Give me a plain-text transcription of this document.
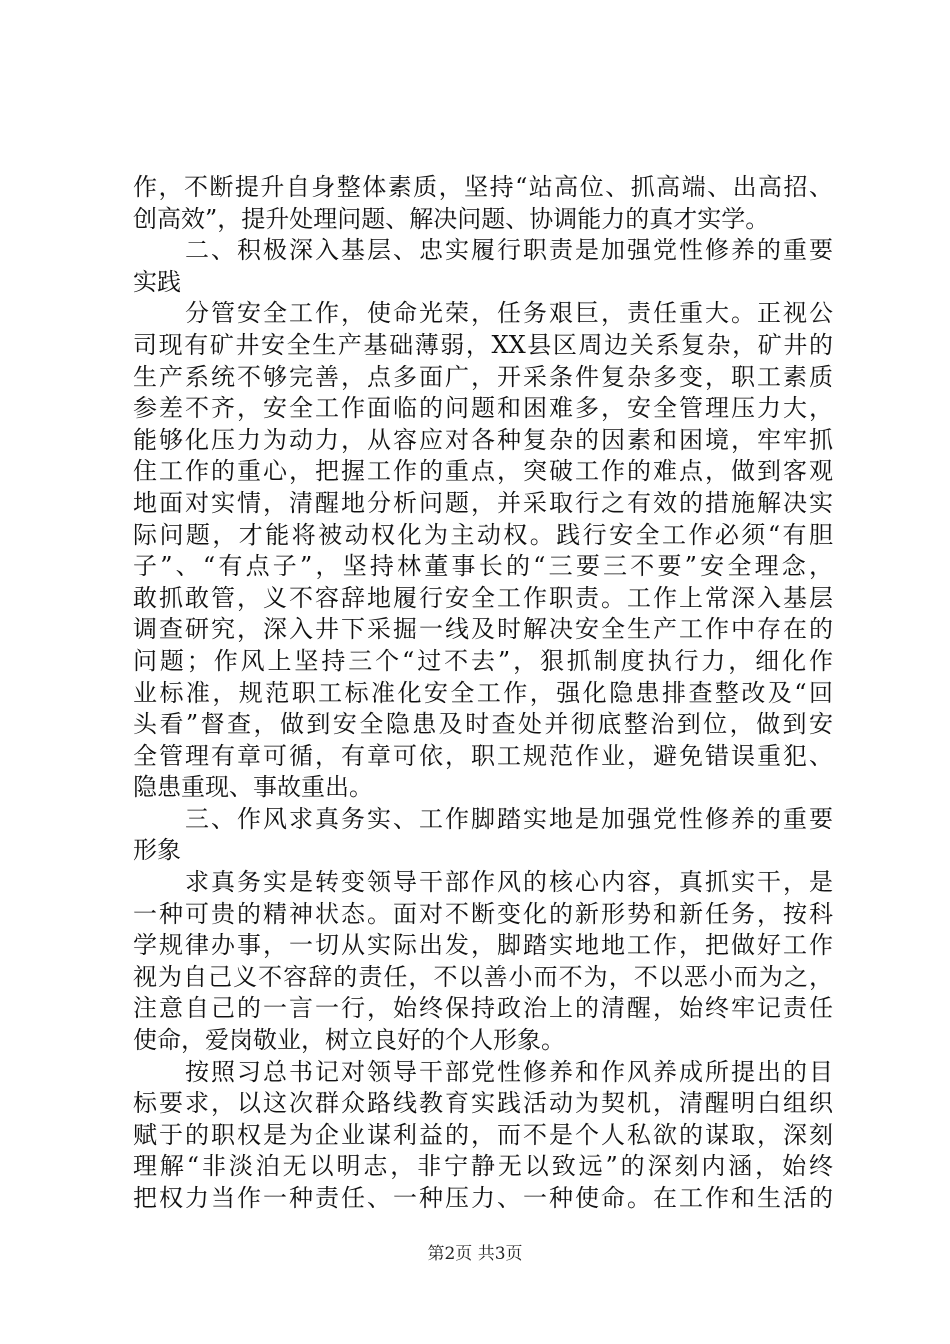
作，不断提升自身整体素质，坚持“站高位、抓高端、出高招、
创高效”，提升处理问题、解决问题、协调能力的真才实学。
　　二、积极深入基层、忠实履行职责是加强党性修养的重要
实践
　　分管安全工作，使命光荣，任务艰巨，责任重大。正视公
司现有矿井安全生产基础薄弱，XX县区周边关系复杂，矿井的
生产系统不够完善，点多面广，开采条件复杂多变，职工素质
参差不齐，安全工作面临的问题和困难多，安全管理压力大，
能够化压力为动力，从容应对各种复杂的因素和困境，牢牢抓
住工作的重心，把握工作的重点，突破工作的难点，做到客观
地面对实情，清醒地分析问题，并采取行之有效的措施解决实
际问题，才能将被动权化为主动权。践行安全工作必须“有胆
子”、“有点子”，坚持林董事长的“三要三不要”安全理念，
敢抓敢管，义不容辞地履行安全工作职责。工作上常深入基层
调查研究，深入井下采掘一线及时解决安全生产工作中存在的
问题；作风上坚持三个“过不去”，狠抓制度执行力，细化作
业标准，规范职工标准化安全工作，强化隐患排查整改及“回
头看”督查，做到安全隐患及时查处并彻底整治到位，做到安
全管理有章可循，有章可依，职工规范作业，避免错误重犯、
隐患重现、事故重出。
　　三、作风求真务实、工作脚踏实地是加强党性修养的重要
形象
　　求真务实是转变领导干部作风的核心内容，真抓实干，是
一种可贵的精神状态。面对不断变化的新形势和新任务，按科
学规律办事，一切从实际出发，脚踏实地地工作，把做好工作
视为自己义不容辞的责任，不以善小而不为，不以恶小而为之，
注意自己的一言一行，始终保持政治上的清醒，始终牢记责任
使命，爱岗敬业，树立良好的个人形象。
　　按照习总书记对领导干部党性修养和作风养成所提出的目
标要求，以这次群众路线教育实践活动为契机，清醒明白组织
赋于的职权是为企业谋利益的，而不是个人私欲的谋取，深刻
理解“非淡泊无以明志，非宁静无以致远”的深刻内涵，始终
把权力当作一种责任、一种压力、一种使命。在工作和生活的
第2页 共3页
